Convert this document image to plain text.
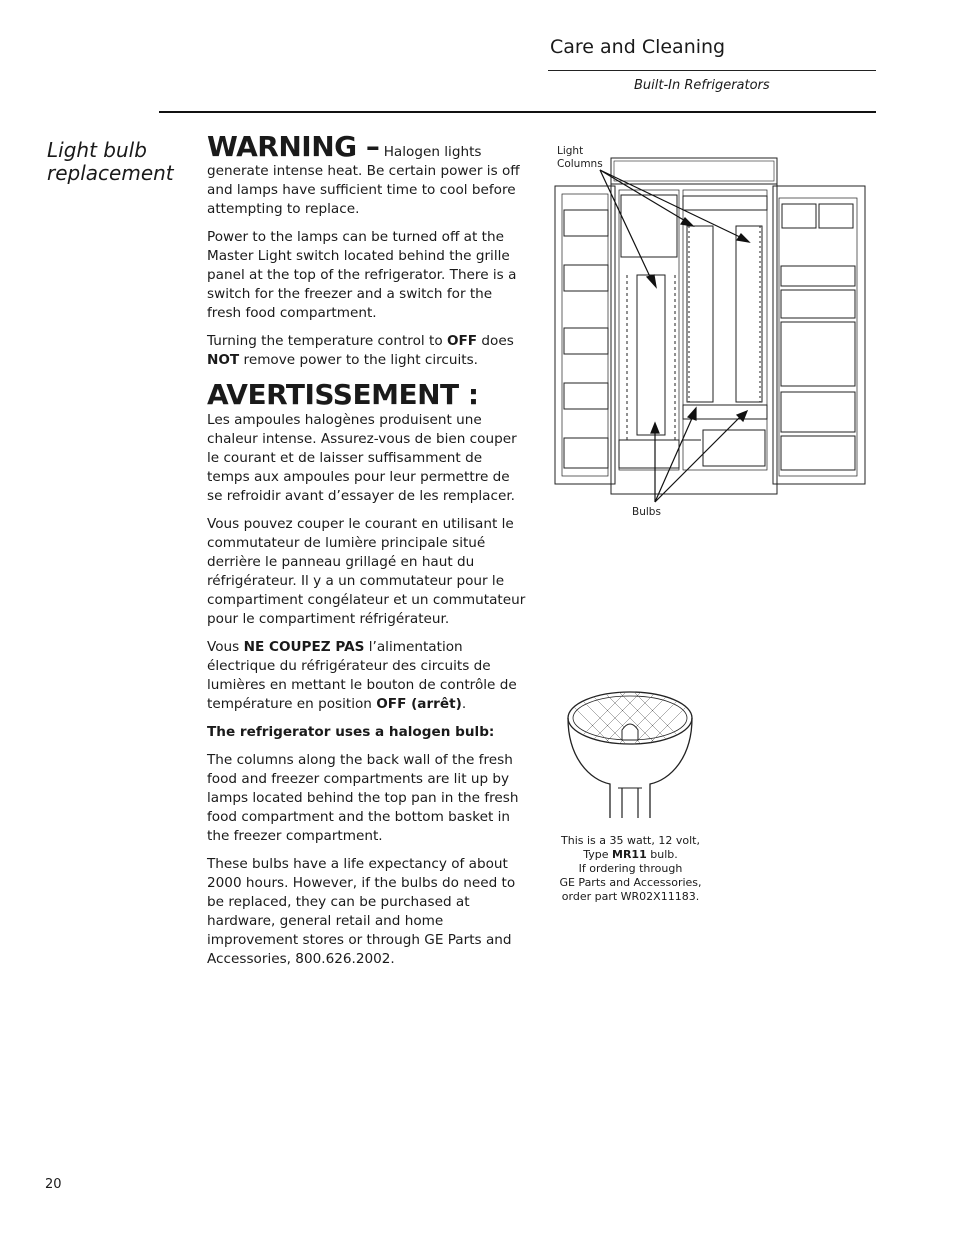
Care and Cleaning
Built-In Refrigerators
Light bulb replacement

WARNING – Halogen lights generate intense heat. Be certain power is off and lamps have sufficient time to cool before attempting to replace.

Power to the lamps can be turned off at the Master Light switch located behind the grille panel at the top of the refrigerator. There is a switch for the freezer and a switch for the fresh food compartment.

Turning the temperature control to OFF does NOT remove power to the light circuits.

AVERTISSEMENT :

Les ampoules halogènes produisent une chaleur intense. Assurez-vous de bien couper le courant et de laisser suffisamment de temps aux ampoules pour leur permettre de se refroidir avant d’essayer de les remplacer.

Vous pouvez couper le courant en utilisant le commutateur de lumière principale situé derrière le panneau grillagé en haut du réfrigérateur. Il y a un commutateur pour le compartiment congélateur et un commutateur pour le compartiment réfrigérateur.

Vous NE COUPEZ PAS l’alimentation électrique du réfrigérateur des circuits de lumières en mettant le bouton de contrôle de température en position OFF (arrêt).

The refrigerator uses a halogen bulb:

The columns along the back wall of the fresh food and freezer compartments are lit up by lamps located behind the top pan in the fresh food compartment and the bottom basket in the freezer compartment.

These bulbs have a life expectancy of about 2000 hours. However, if the bulbs do need to be replaced, they can be purchased at hardware, general retail and home improvement stores or through GE Parts and Accessories, 800.626.2002.

Light
Columns
Bulbs
This is a 35 watt, 12 volt,
Type MR11 bulb.
If ordering through
GE Parts and Accessories,
order part WR02X11183.
20
